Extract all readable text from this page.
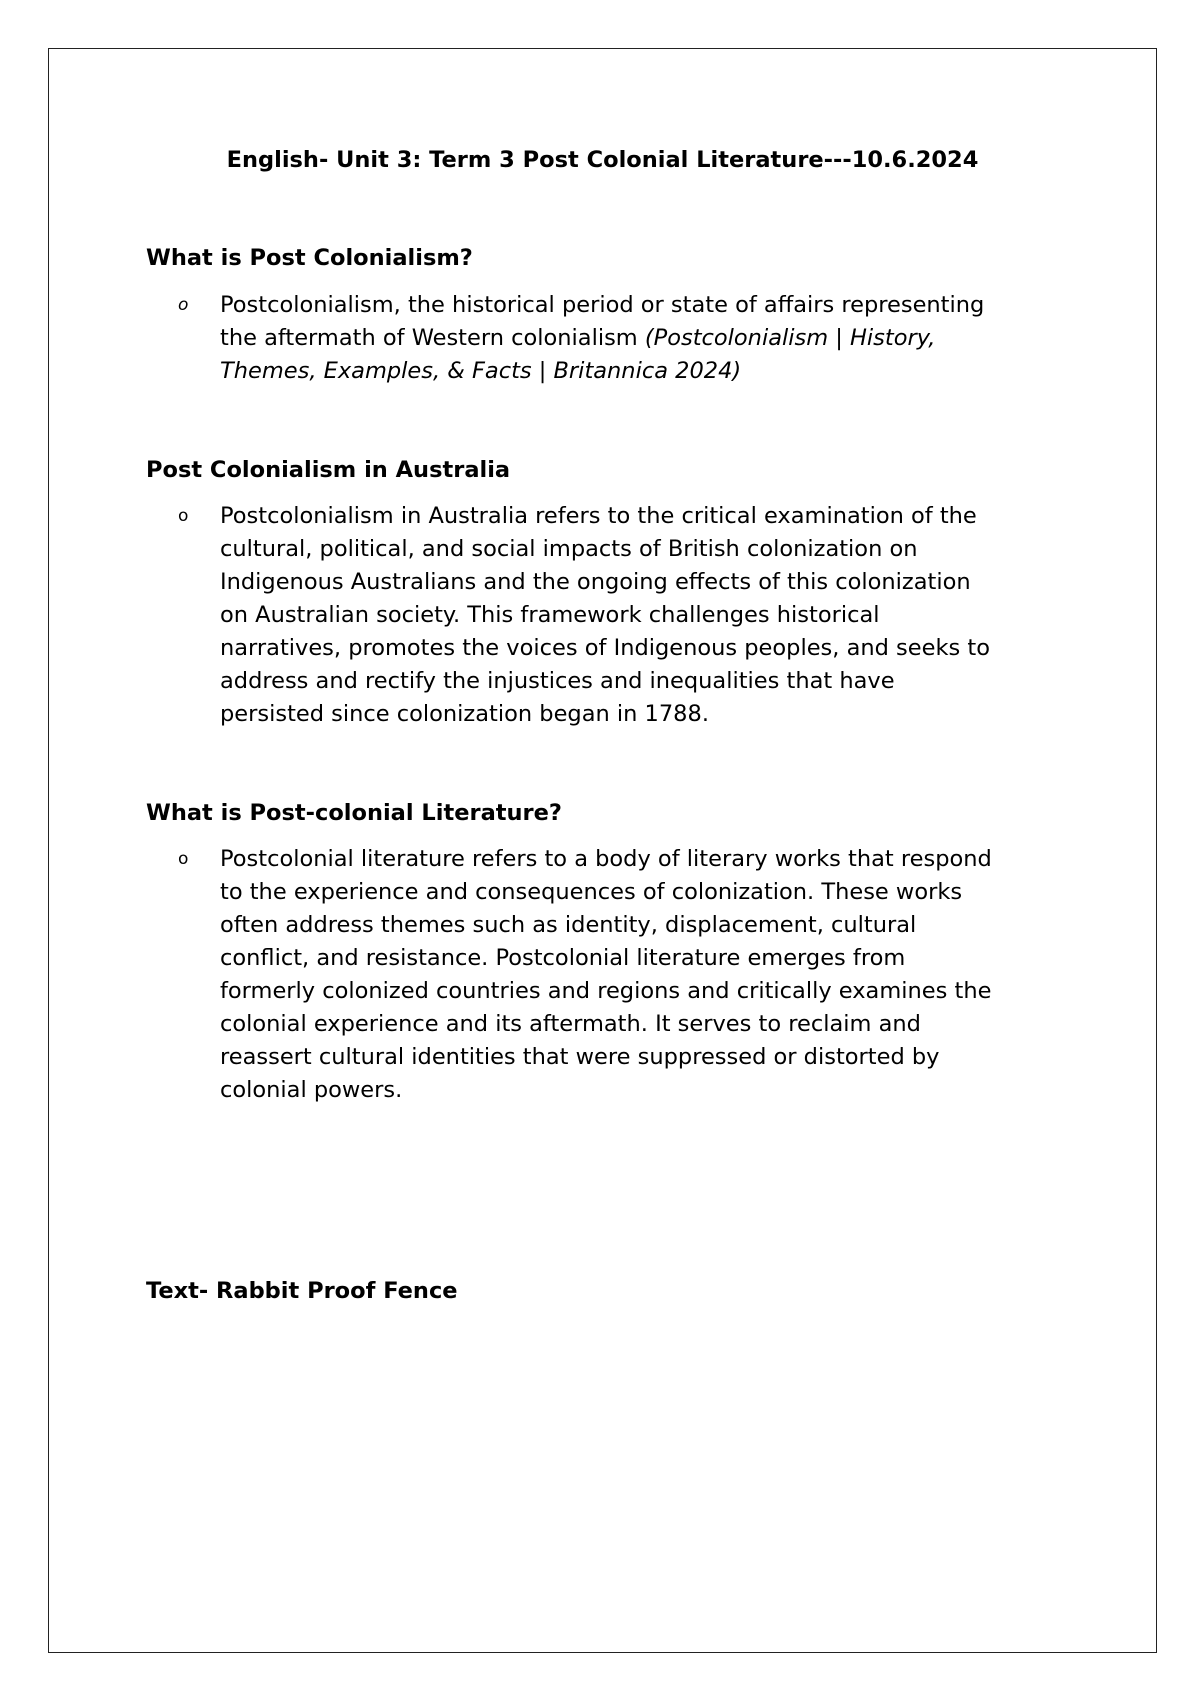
English- Unit 3: Term 3 Post Colonial Literature---10.6.2024
What is Post Colonialism?
o	Postcolonialism, the historical period or state of affairs representing
the aftermath of Western colonialism (Postcolonialism | History,
Themes, Examples, & Facts | Britannica 2024)
Post Colonialism in Australia
o	Postcolonialism in Australia refers to the critical examination of the
cultural, political, and social impacts of British colonization on
Indigenous Australians and the ongoing effects of this colonization
on Australian society. This framework challenges historical
narratives, promotes the voices of Indigenous peoples, and seeks to
address and rectify the injustices and inequalities that have
persisted since colonization began in 1788.
What is Post-colonial Literature?
o	Postcolonial literature refers to a body of literary works that respond
to the experience and consequences of colonization. These works
often address themes such as identity, displacement, cultural
conflict, and resistance. Postcolonial literature emerges from
formerly colonized countries and regions and critically examines the
colonial experience and its aftermath. It serves to reclaim and
reassert cultural identities that were suppressed or distorted by
colonial powers.
Text- Rabbit Proof Fence
